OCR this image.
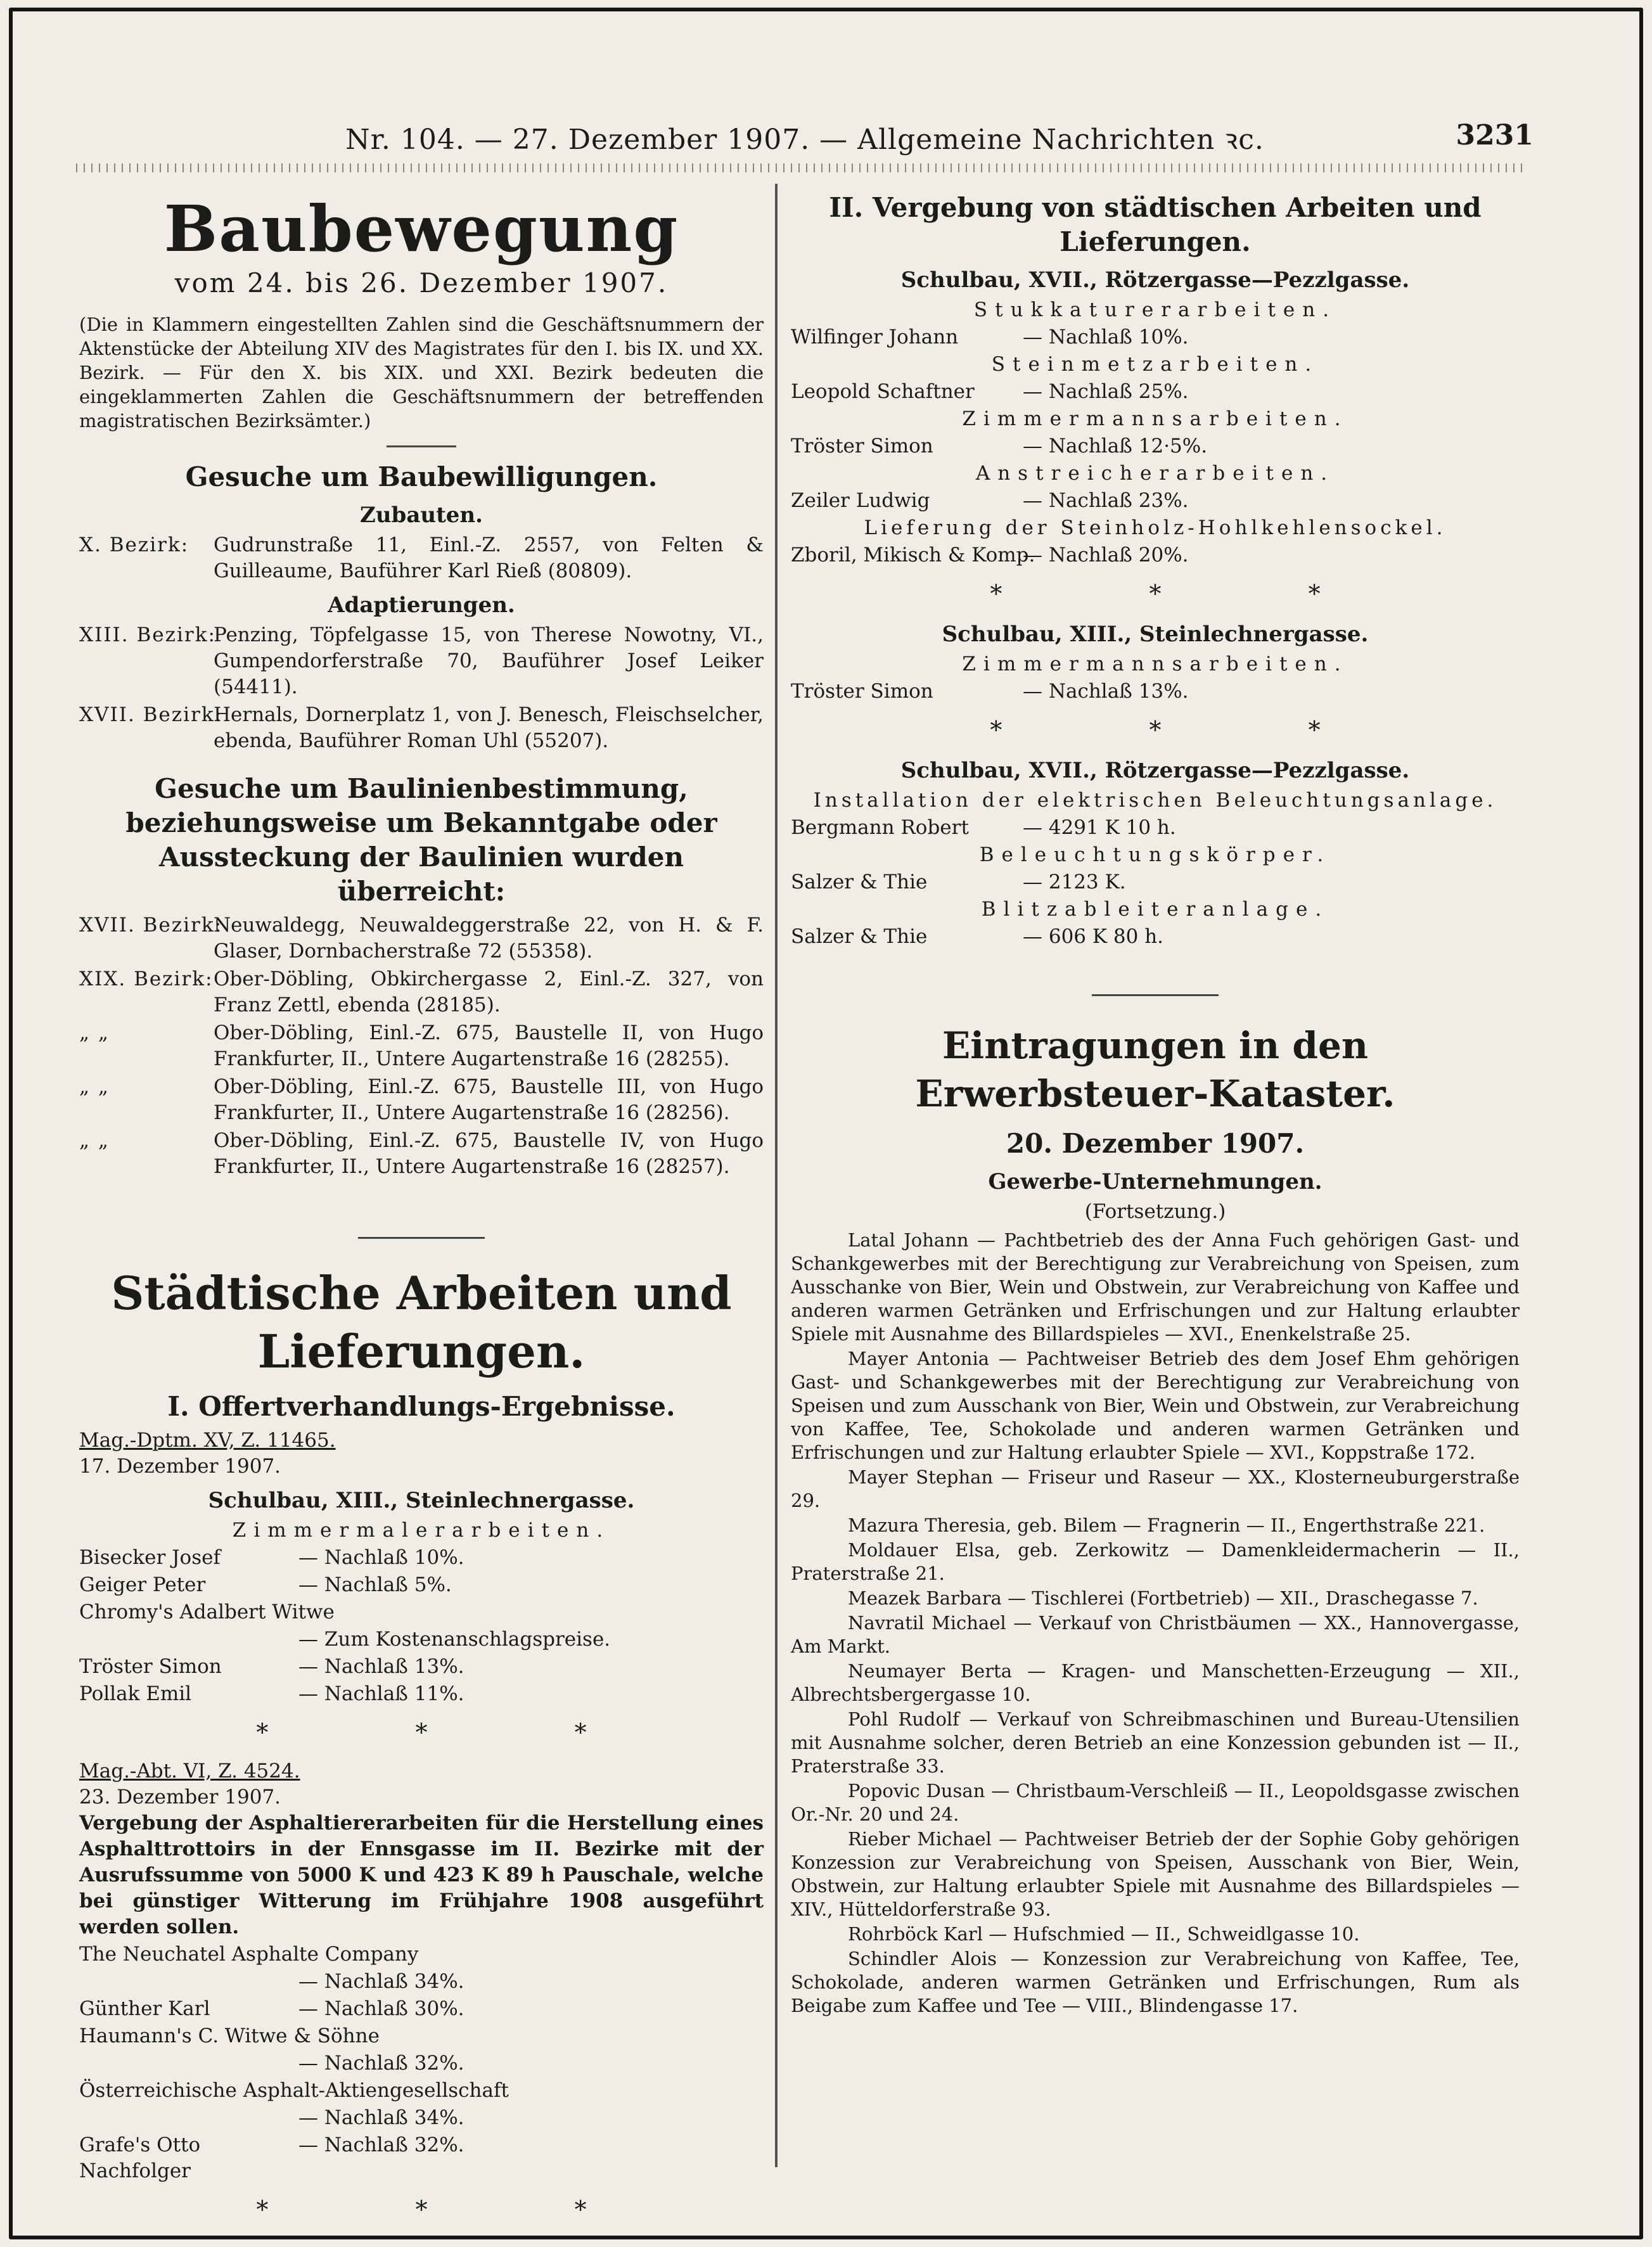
Nr. 104. — 27. Dezember 1907. — Allgemeine Nachrichten ꝛc.	3231
Baubewegung
vom 24. bis 26. Dezember 1907.
(Die in Klammern eingestellten Zahlen sind die Geschäftsnummern der Aktenstücke der Abteilung XIV des Magistrates für den I. bis IX. und XX. Bezirk. — Für den X. bis XIX. und XXI. Bezirk bedeuten die eingeklammerten Zahlen die Geschäftsnummern der betreffenden magistratischen Bezirksämter.)
Gesuche um Baubewilligungen.
Zubauten.
X. Bezirk:	Gudrunstraße 11, Einl.-Z. 2557, von Felten & Guilleaume, Bauführer Karl Rieß (80809).
Adaptierungen.
XIII. Bezirk:
Penzing, Töpfelgasse 15, von Therese Nowotny, VI., Gumpendorferstraße 70, Bauführer Josef Leiker (54411).
XVII. Bezirk:
Hernals, Dornerplatz 1, von J. Benesch, Fleischselcher, ebenda, Bauführer Roman Uhl (55207).
Gesuche um Baulinienbestimmung, beziehungsweise um Bekanntgabe oder Aussteckung der Baulinien wurden überreicht:
XVII. Bezirk:
Neuwaldegg, Neuwaldeggerstraße 22, von H. & F. Glaser, Dornbacherstraße 72 (55358).
XIX. Bezirk: Ober-Döbling, Obkirchergasse 2, Einl.-Z. 327, von Franz Zettl, ebenda (28185).
„ „	Ober-Döbling, Einl.-Z. 675, Baustelle II, von Hugo Frankfurter, II., Untere Augartenstraße 16 (28255).
„ „	Ober-Döbling, Einl.-Z. 675, Baustelle III, von Hugo Frankfurter, II., Untere Augartenstraße 16 (28256).
„ „	Ober-Döbling, Einl.-Z. 675, Baustelle IV, von Hugo Frankfurter, II., Untere Augartenstraße 16 (28257).
Städtische Arbeiten und Lieferungen.
I. Offertverhandlungs-Ergebnisse.
Mag.-Dptm. XV, Z. 11465.
17. Dezember 1907.
Schulbau, XIII., Steinlechnergasse.
Zimmermalerarbeiten.
Bisecker Josef	— Nachlaß 10%.
Geiger Peter	— Nachlaß 5%.
Chromy's Adalbert Witwe
— Zum Kostenanschlagspreise.
Tröster Simon	— Nachlaß 13%.
Pollak Emil	— Nachlaß 11%.
* * *
Mag.-Abt. VI, Z. 4524.
23. Dezember 1907.
Vergebung der Asphaltiererarbeiten für die Herstellung eines Asphalttrottoirs in der Ennsgasse im II. Bezirke mit der Ausrufssumme von 5000 K und 423 K 89 h Pauschale, welche bei günstiger Witterung im Frühjahre 1908 ausgeführt werden sollen.
The Neuchatel Asphalte Company
— Nachlaß 34%.
Günther Karl	— Nachlaß 30%.
Haumann's C. Witwe & Söhne
— Nachlaß 32%.
Österreichische Asphalt-Aktiengesellschaft
— Nachlaß 34%.
Grafe's Otto Nachfolger
— Nachlaß 32%.
* * *
II. Vergebung von städtischen Arbeiten und Lieferungen.
Schulbau, XVII., Rötzergasse—Pezzlgasse.
Stukkaturerarbeiten.
Wilfinger Johann	— Nachlaß 10%.
Steinmetzarbeiten.
Leopold Schaftner	— Nachlaß 25%.
Zimmermannsarbeiten.
Tröster Simon	— Nachlaß 12·5%.
Anstreicherarbeiten.
Zeiler Ludwig	— Nachlaß 23%.
Lieferung der Steinholz-Hohlkehlensockel.
Zboril, Mikisch & Komp.
— Nachlaß 20%.
* * *
Schulbau, XIII., Steinlechnergasse.
Zimmermannsarbeiten.
Tröster Simon	— Nachlaß 13%.
* * *
Schulbau, XVII., Rötzergasse—Pezzlgasse.
Installation der elektrischen Beleuchtungsanlage.
Bergmann Robert	— 4291 K 10 h.
Beleuchtungskörper.
Salzer & Thie	— 2123 K.
Blitzableiteranlage.
Salzer & Thie	— 606 K 80 h.
Eintragungen in den Erwerbsteuer-Kataster.
20. Dezember 1907.
Gewerbe-Unternehmungen.
(Fortsetzung.)
Latal Johann — Pachtbetrieb des der Anna Fuch gehörigen Gast- und Schankgewerbes mit der Berechtigung zur Verabreichung von Speisen, zum Ausschanke von Bier, Wein und Obstwein, zur Verabreichung von Kaffee und anderen warmen Getränken und Erfrischungen und zur Haltung erlaubter Spiele mit Ausnahme des Billardspieles — XVI., Enenkelstraße 25.
Mayer Antonia — Pachtweiser Betrieb des dem Josef Ehm gehörigen Gast- und Schankgewerbes mit der Berechtigung zur Verabreichung von Speisen und zum Ausschank von Bier, Wein und Obstwein, zur Verabreichung von Kaffee, Tee, Schokolade und anderen warmen Getränken und Erfrischungen und zur Haltung erlaubter Spiele — XVI., Koppstraße 172.
Mayer Stephan — Friseur und Raseur — XX., Klosterneuburgerstraße 29.
Mazura Theresia, geb. Bilem — Fragnerin — II., Engerthstraße 221.
Moldauer Elsa, geb. Zerkowitz — Damenkleidermacherin — II., Praterstraße 21.
Meazek Barbara — Tischlerei (Fortbetrieb) — XII., Draschegasse 7.
Navratil Michael — Verkauf von Christbäumen — XX., Hannovergasse, Am Markt.
Neumayer Berta — Kragen- und Manschetten-Erzeugung — XII., Albrechtsbergergasse 10.
Pohl Rudolf — Verkauf von Schreibmaschinen und Bureau-Utensilien mit Ausnahme solcher, deren Betrieb an eine Konzession gebunden ist — II., Praterstraße 33.
Popovic Dusan — Christbaum-Verschleiß — II., Leopoldsgasse zwischen Or.-Nr. 20 und 24.
Rieber Michael — Pachtweiser Betrieb der der Sophie Goby gehörigen Konzession zur Verabreichung von Speisen, Ausschank von Bier, Wein, Obstwein, zur Haltung erlaubter Spiele mit Ausnahme des Billardspieles — XIV., Hütteldorferstraße 93.
Rohrböck Karl — Hufschmied — II., Schweidlgasse 10.
Schindler Alois — Konzession zur Verabreichung von Kaffee, Tee, Schokolade, anderen warmen Getränken und Erfrischungen, Rum als Beigabe zum Kaffee und Tee — VIII., Blindengasse 17.
